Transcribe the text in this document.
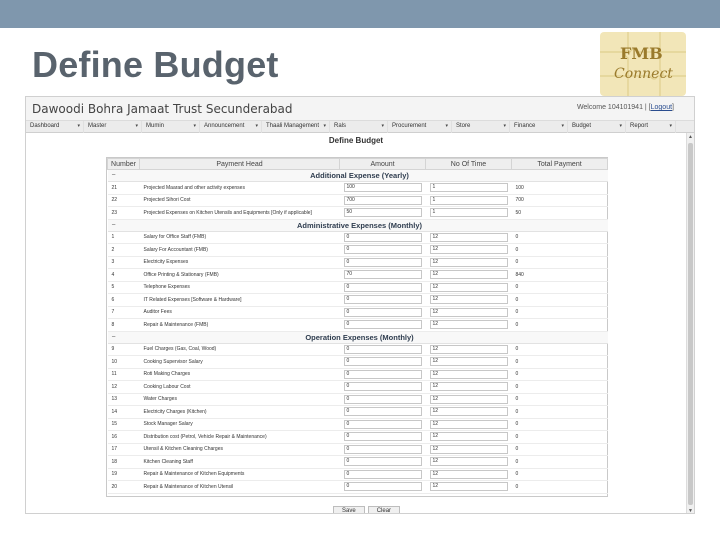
Define Budget	FMB
Connect
Dawoodi Bohra Jamaat Trust Secunderabad	Welcome 104101941 | [Logout]
Dashboard	▾	Master	▾	Mumin	▾	Announcement ▾	Thaali Management ▾	Rals	▾	Procurement	▾	Store	▾	Finance	▾	Budget	▾	Report	▾
Define Budget	▲
▼
Number	Payment Head	Amount	No Of Time	Total Payment

− Additional Expense (Yearly)				
21	Projected Maarad and other activity expenses	100	1	100
22	Projected Sihori Cost	700	1	700
23	Projected Expenses on Kitchen Utensils and Equipments [Only if applicable]	50	1	50

− Administrative Expenses (Monthly)				
1	Salary for Office Staff (FMB)	0	12	0
2	Salary For Accountant (FMB)	0	12	0
3	Electricity Expenses	0	12	0
4	Office Printing & Stationary (FMB)	70	12	840
5	Telephone Expenses	0	12	0
6	IT Related Expenses [Software & Hardware]	0	12	0
7	Auditor Fees	0	12	0
8	Repair & Maintenance (FMB)	0	12	0

− Operation Expenses (Monthly)				
9	Fuel Charges (Gas, Coal, Wood)	0	12	0
10	Cooking Supervisor Salary	0	12	0
11	Roti Making Charges	0	12	0
12	Cooking Labour Cost	0	12	0
13	Water Charges	0	12	0
14	Electricity Charges (Kitchen)	0	12	0
15	Stock Manager Salary	0	12	0
16	Distribution cost (Petrol, Vehicle Repair & Maintenance)	0	12	0
17	Utensil & Kitchen Cleaning Charges	0	12	0
18	Kitchen Cleaning Staff	0	12	0
19	Repair & Maintenance of Kitchen Equipments	0	12	0
20	Repair & Maintenance of Kitchen Utensil	0	12	0
Save	Clear
